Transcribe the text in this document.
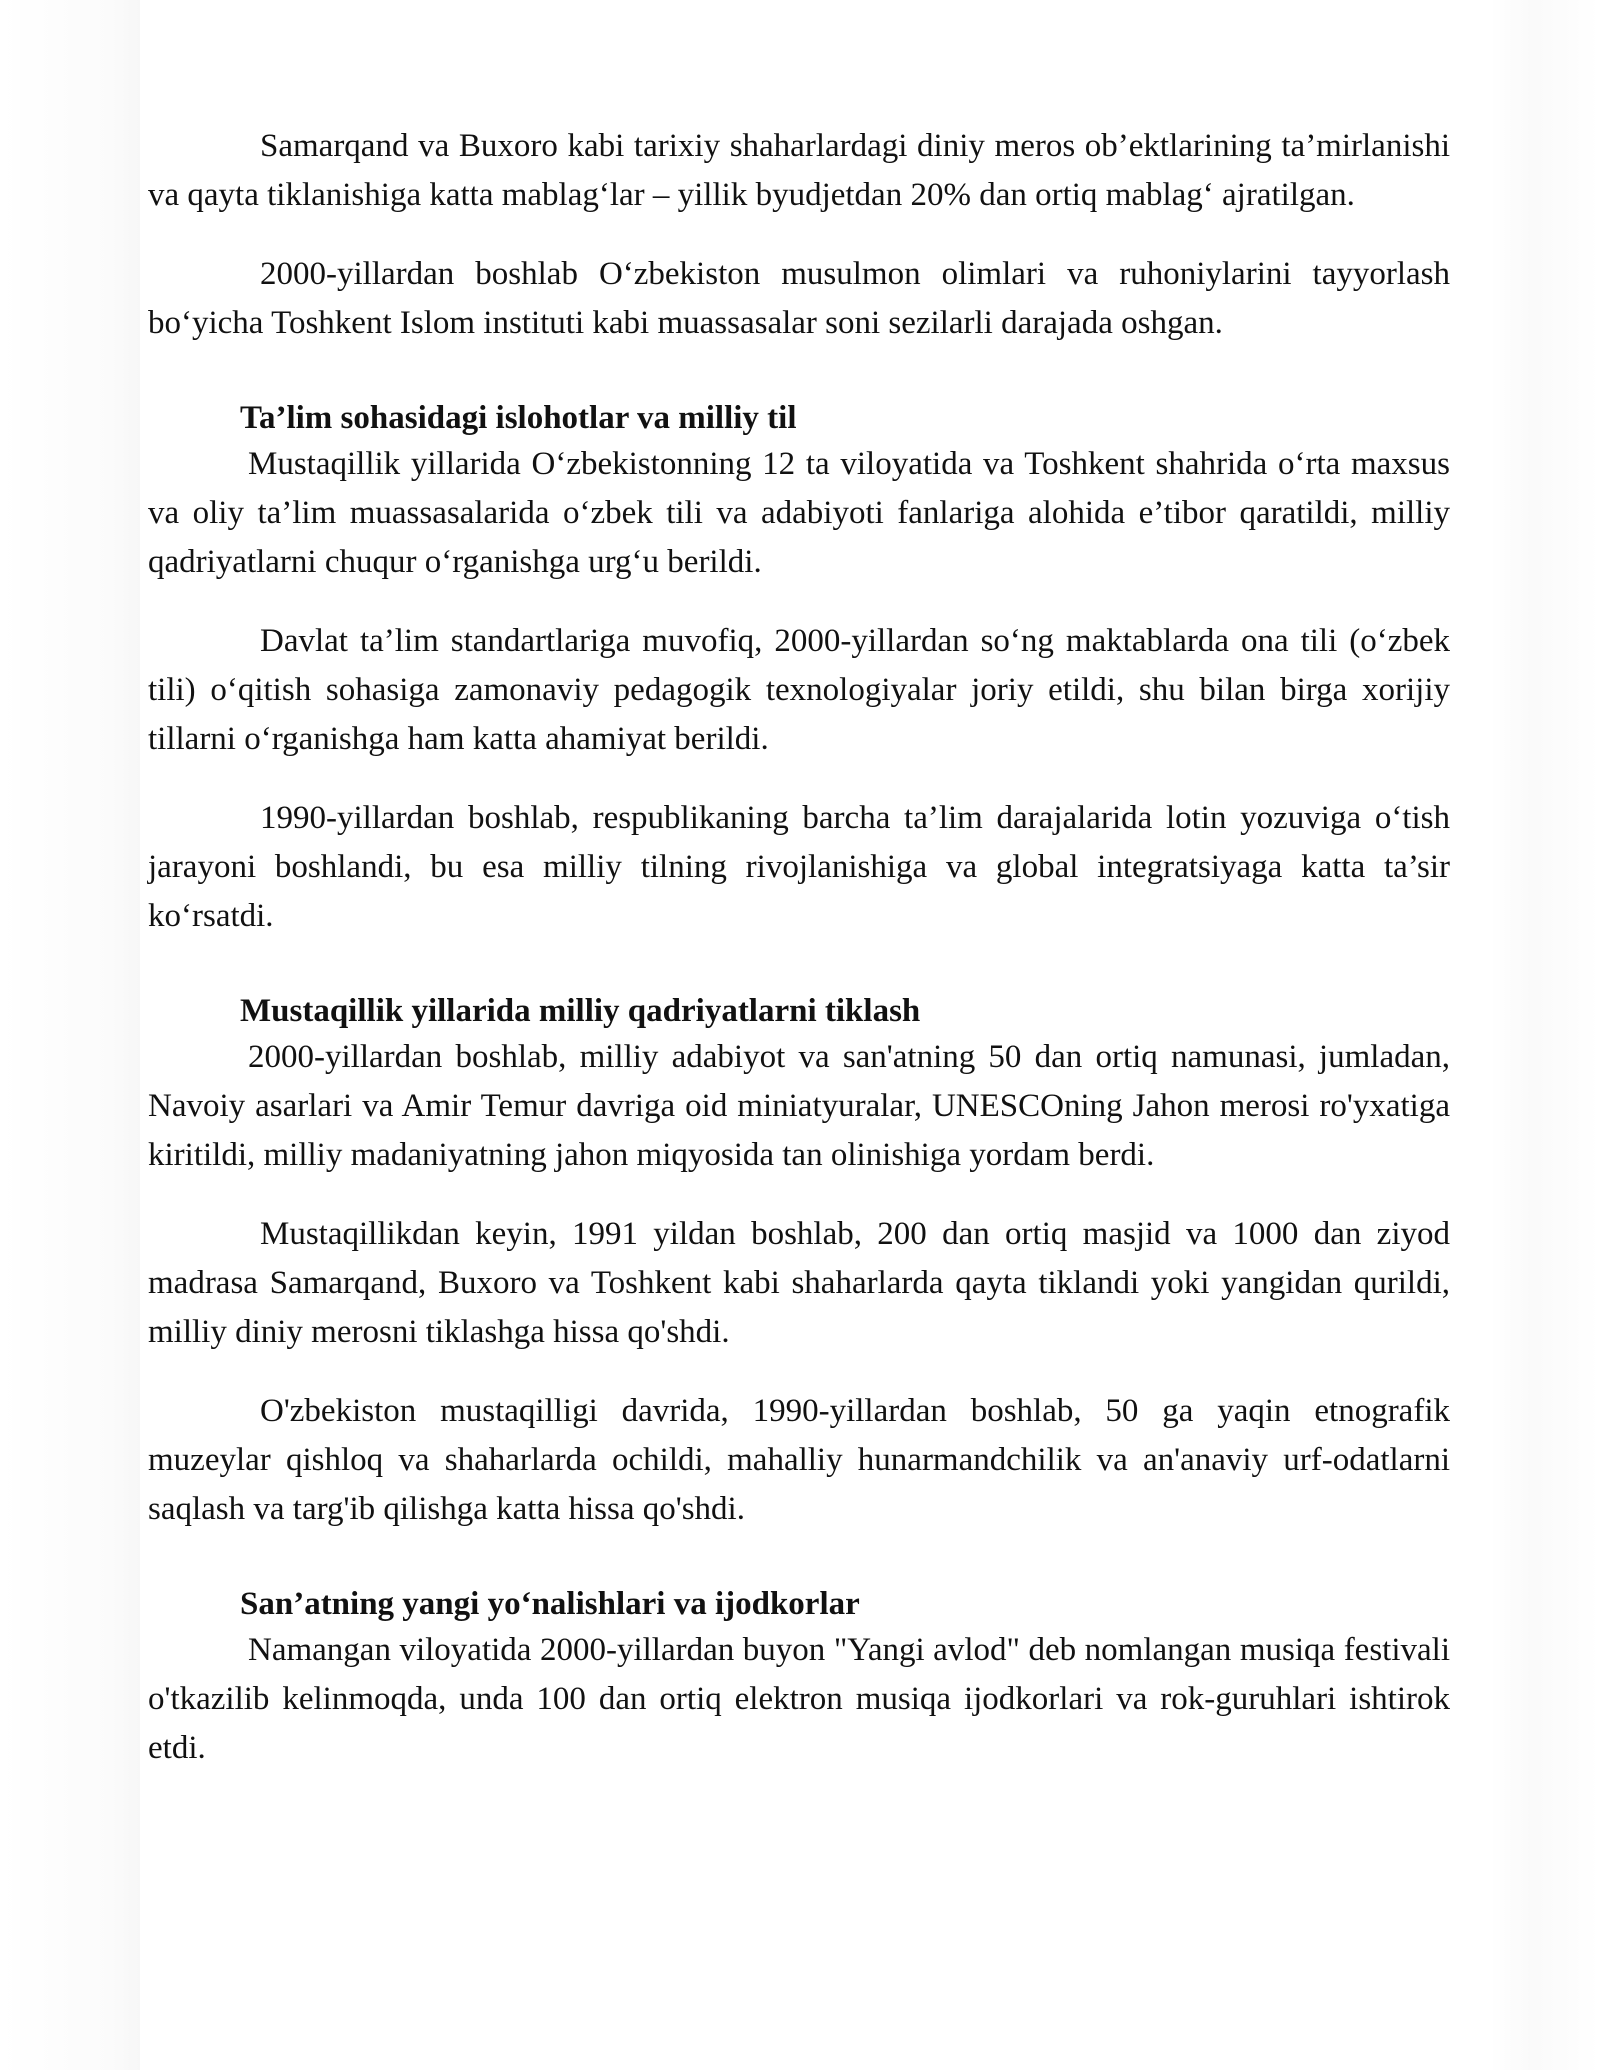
Samarqand va Buxoro kabi tarixiy shaharlardagi diniy meros ob’ektlarining ta’mirlanishi va qayta tiklanishiga katta mablag‘lar – yillik byudjetdan 20% dan ortiq mablag‘ ajratilgan.

2000-yillardan boshlab O‘zbekiston musulmon olimlari va ruhoniylarini tayyorlash bo‘yicha Toshkent Islom instituti kabi muassasalar soni sezilarli darajada oshgan.

Ta’lim sohasidagi islohotlar va milliy til

Mustaqillik yillarida O‘zbekistonning 12 ta viloyatida va Toshkent shahrida o‘rta maxsus va oliy ta’lim muassasalarida o‘zbek tili va adabiyoti fanlariga alohida e’tibor qaratildi, milliy qadriyatlarni chuqur o‘rganishga urg‘u berildi.

Davlat ta’lim standartlariga muvofiq, 2000-yillardan so‘ng maktablarda ona tili (o‘zbek tili) o‘qitish sohasiga zamonaviy pedagogik texnologiyalar joriy etildi, shu bilan birga xorijiy tillarni o‘rganishga ham katta ahamiyat berildi.

1990-yillardan boshlab, respublikaning barcha ta’lim darajalarida lotin yozuviga o‘tish jarayoni boshlandi, bu esa milliy tilning rivojlanishiga va global integratsiyaga katta ta’sir ko‘rsatdi.

Mustaqillik yillarida milliy qadriyatlarni tiklash

2000-yillardan boshlab, milliy adabiyot va san'atning 50 dan ortiq namunasi, jumladan, Navoiy asarlari va Amir Temur davriga oid miniatyuralar, UNESCOning Jahon merosi ro'yxatiga kiritildi, milliy madaniyatning jahon miqyosida tan olinishiga yordam berdi.

Mustaqillikdan keyin, 1991 yildan boshlab, 200 dan ortiq masjid va 1000 dan ziyod madrasa Samarqand, Buxoro va Toshkent kabi shaharlarda qayta tiklandi yoki yangidan qurildi, milliy diniy merosni tiklashga hissa qo'shdi.

O'zbekiston mustaqilligi davrida, 1990-yillardan boshlab, 50 ga yaqin etnografik muzeylar qishloq va shaharlarda ochildi, mahalliy hunarmandchilik va an'anaviy urf-odatlarni saqlash va targ'ib qilishga katta hissa qo'shdi.

San’atning yangi yo‘nalishlari va ijodkorlar

Namangan viloyatida 2000-yillardan buyon "Yangi avlod" deb nomlangan musiqa festivali o'tkazilib kelinmoqda, unda 100 dan ortiq elektron musiqa ijodkorlari va rok-guruhlari ishtirok etdi.
